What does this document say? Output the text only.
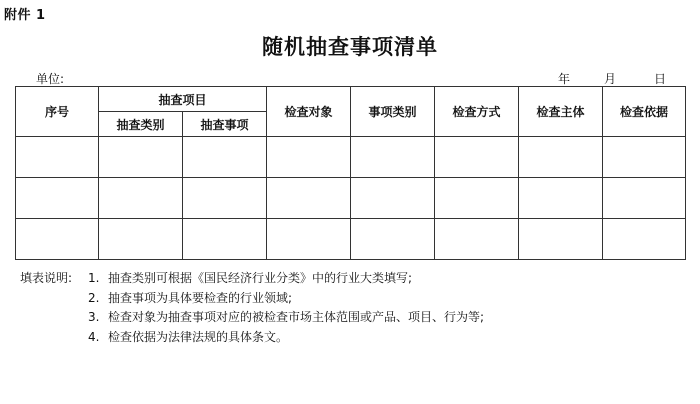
附件 1
随机抽查事项清单
单位:	年	月	日
序号	抽查项目		检查对象	事项类别	检查方式	检查主体	检查依据
	抽查类别	抽查事项					

填表说明:	1. 抽查类别可根据《国民经济行业分类》中的行业大类填写;
2. 抽查事项为具体要检查的行业领域;
3. 检查对象为抽查事项对应的被检查市场主体范围或产品、项目、行为等;
4. 检查依据为法律法规的具体条文。
